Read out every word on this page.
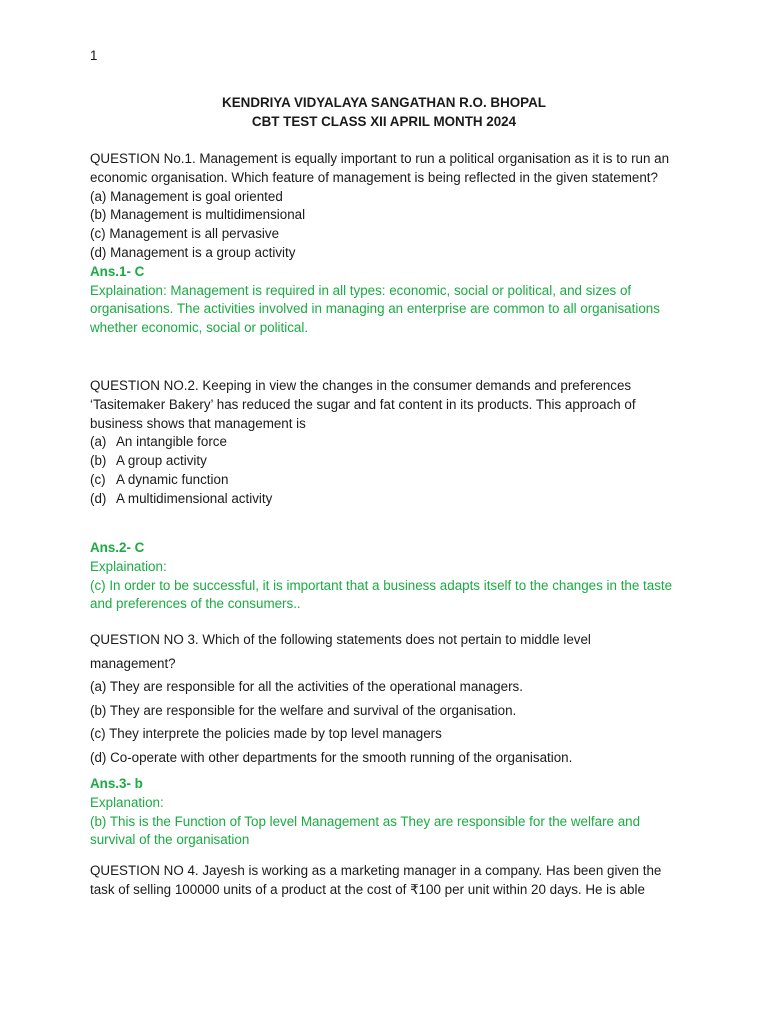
1
KENDRIYA VIDYALAYA SANGATHAN R.O. BHOPAL
CBT TEST CLASS XII APRIL MONTH 2024

QUESTION No.1. Management is equally important to run a political organisation as it is to run an economic organisation. Which feature of management is being reflected in the given statement?

(a) Management is goal oriented
(b) Management is multidimensional
(c) Management is all pervasive
(d) Management is a group activity
Ans.1- C

Explaination: Management is required in all types: economic, social or political, and sizes of organisations. The activities involved in managing an enterprise are common to all organisations whether economic, social or political.

QUESTION NO.2. Keeping in view the changes in the consumer demands and preferences ‘Tasitemaker Bakery’ has reduced the sugar and fat content in its products. This approach of business shows that management is

(a) An intangible force
(b) A group activity
(c) A dynamic function
(d) A multidimensional activity
Ans.2- C
Explaination:

(c) In order to be successful, it is important that a business adapts itself to the changes in the taste and preferences of the consumers..

QUESTION NO 3. Which of the following statements does not pertain to middle level management?

(a) They are responsible for all the activities of the operational managers.
(b) They are responsible for the welfare and survival of the organisation.
(c) They interprete the policies made by top level managers
(d) Co-operate with other departments for the smooth running of the organisation.
Ans.3- b
Explanation:

(b) This is the Function of Top level Management as They are responsible for the welfare and survival of the organisation

QUESTION NO 4. Jayesh is working as a marketing manager in a company. Has been given the task of selling 100000 units of a product at the cost of ₹100 per unit within 20 days. He is able
